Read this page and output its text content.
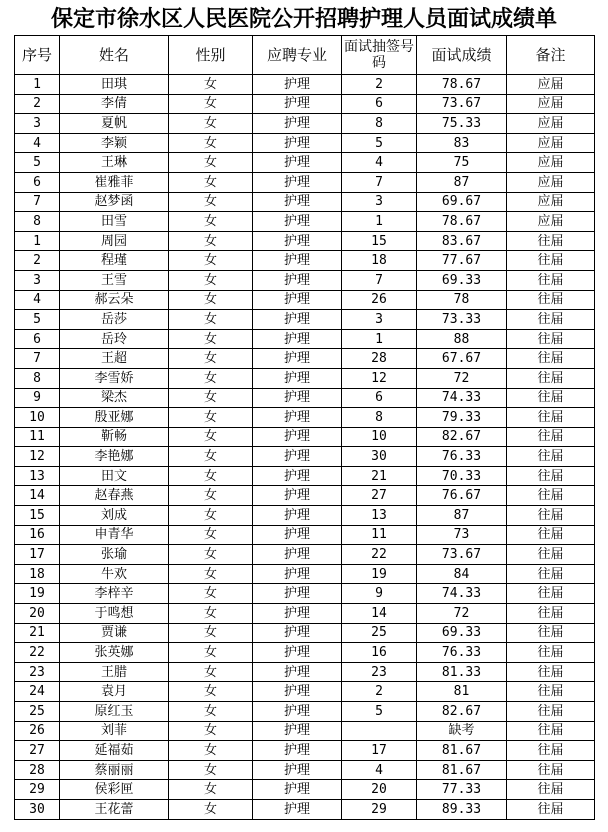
保定市徐水区人民医院公开招聘护理人员面试成绩单
序号	姓名	性别	应聘专业	面试抽签号码	面试成绩	备注
1	田琪	女	护理	2	78.67	应届
2	李倩	女	护理	6	73.67	应届
3	夏帆	女	护理	8	75.33	应届
4	李颖	女	护理	5	83	应届
5	王琳	女	护理	4	75	应届
6	崔雅菲	女	护理	7	87	应届
7	赵梦函	女	护理	3	69.67	应届
8	田雪	女	护理	1	78.67	应届
1	周园	女	护理	15	83.67	往届
2	程瑾	女	护理	18	77.67	往届
3	王雪	女	护理	7	69.33	往届
4	郝云朵	女	护理	26	78	往届
5	岳莎	女	护理	3	73.33	往届
6	岳玲	女	护理	1	88	往届
7	王超	女	护理	28	67.67	往届
8	李雪娇	女	护理	12	72	往届
9	梁杰	女	护理	6	74.33	往届
10	殷亚娜	女	护理	8	79.33	往届
11	靳畅	女	护理	10	82.67	往届
12	李艳娜	女	护理	30	76.33	往届
13	田文	女	护理	21	70.33	往届
14	赵春燕	女	护理	27	76.67	往届
15	刘成	女	护理	13	87	往届
16	申青华	女	护理	11	73	往届
17	张瑜	女	护理	22	73.67	往届
18	牛欢	女	护理	19	84	往届
19	李梓辛	女	护理	9	74.33	往届
20	于鸣想	女	护理	14	72	往届
21	贾谦	女	护理	25	69.33	往届
22	张英娜	女	护理	16	76.33	往届
23	王腊	女	护理	23	81.33	往届
24	袁月	女	护理	2	81	往届
25	原红玉	女	护理	5	82.67	往届
26	刘菲	女	护理		缺考	往届
27	延福茹	女	护理	17	81.67	往届
28	蔡丽丽	女	护理	4	81.67	往届
29	侯彩匣	女	护理	20	77.33	往届
30	王花蕾	女	护理	29	89.33	往届
